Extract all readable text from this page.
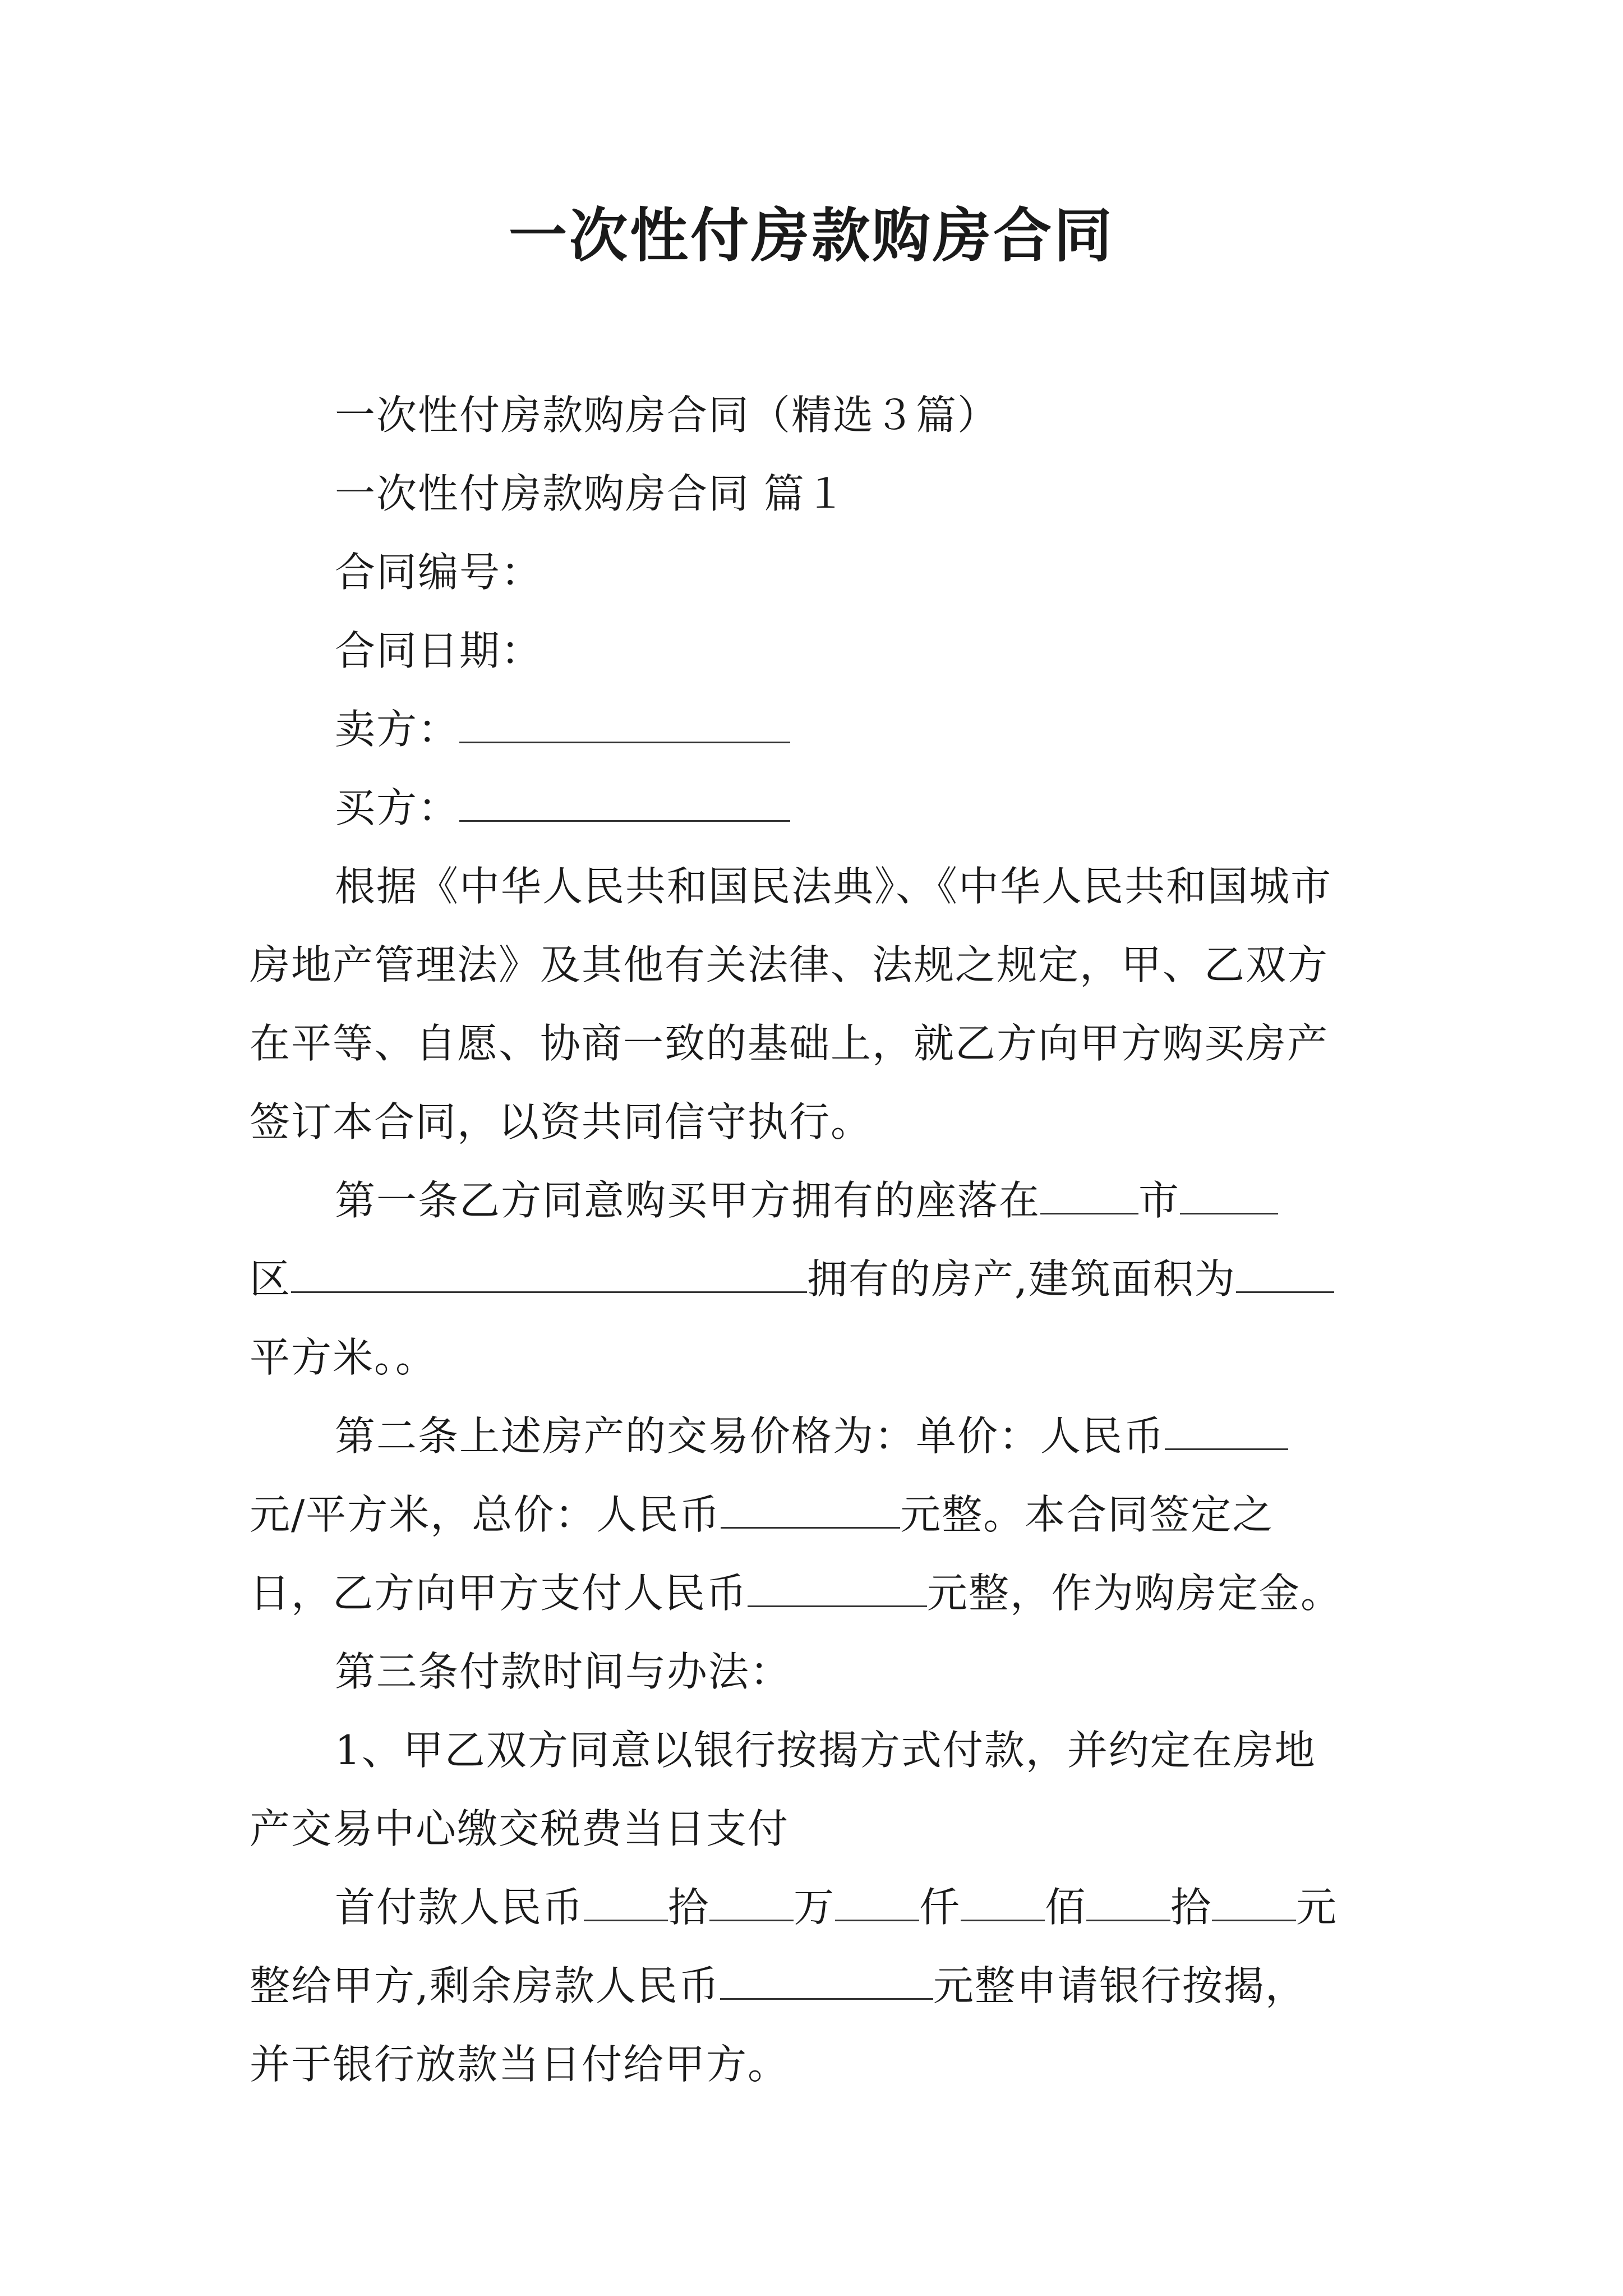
一次性付房款购房合同

一次性付房款购房合同（精选３篇）

一次性付房款购房合同 篇１

合同编号：

合同日期：

卖方：

买方：

根据《中华人民共和国民法典》、《中华人民共和国城市

房地产管理法》及其他有关法律、法规之规定，甲、乙双方

在平等、自愿、协商一致的基础上，就乙方向甲方购买房产

签订本合同，以资共同信守执行。

第一条乙方同意购买甲方拥有的座落在 市

区	拥有的房产,建筑面积为

平方米。。

第二条上述房产的交易价格为：单价：人民币

元/平方米，总价：人民币	元整。本合同签定之

日，乙方向甲方支付人民币	元整，作为购房定金。

第三条付款时间与办法：

1、甲乙双方同意以银行按揭方式付款，并约定在房地

产交易中心缴交税费当日支付

首付款人民币 拾 万 仟 佰 拾 元

整给甲方,剩余房款人民币	元整申请银行按揭，

并于银行放款当日付给甲方。
